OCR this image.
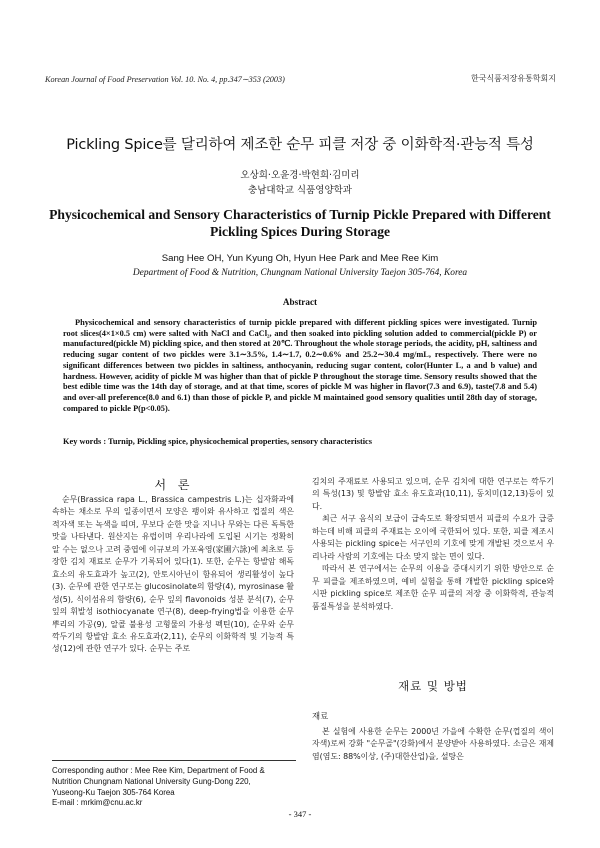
Korean Journal of Food Preservation Vol. 10. No. 4, pp.347∼353 (2003)	한국식품저장유통학회지
Pickling Spice를 달리하여 제조한 순무 피클 저장 중 이화학적·관능적 특성
오상희·오윤경·박현희·김미리
충남대학교 식품영양학과
Physicochemical and Sensory Characteristics of Turnip Pickle Prepared with Different Pickling Spices During Storage
Sang Hee OH, Yun Kyung Oh, Hyun Hee Park and Mee Ree Kim
Department of Food & Nutrition, Chungnam National University Taejon 305-764, Korea
Abstract
Physicochemical and sensory characteristics of turnip pickle prepared with different pickling spices were investigated. Turnip root slices(4×1×0.5 cm) were salted with NaCl and CaCl₂, and then soaked into pickling solution added to commercial(pickle P) or manufactured(pickle M) pickling spice, and then stored at 20℃. Throughout the whole storage periods, the acidity, pH, saltiness and reducing sugar content of two pickles were 3.1∼3.5%, 1.4∼1.7, 0.2∼0.6% and 25.2∼30.4 mg/mL, respectively. There were no significant differences between two pickles in saltiness, anthocyanin, reducing sugar content, color(Hunter L, a and b value) and hardness. However, acidity of pickle M was higher than that of pickle P throughout the storage time. Sensory results showed that the best edible time was the 14th day of storage, and at that time, scores of pickle M was higher in flavor(7.3 and 6.9), taste(7.8 and 5.4) and over-all preference(8.0 and 6.1) than those of pickle P, and pickle M maintained good sensory qualities until 28th day of storage, compared to pickle P(p<0.05).
Key words : Turnip, Pickling spice, physicochemical properties, sensory characteristics
서 론

순무(Brassica rapa L., Brassica campestris L.)는 십자화과에 속하는 채소로 무의 일종이면서 모양은 팽이와 유사하고 껍질의 색은 적자색 또는 녹색을 띠며, 무보다 순한 맛을 지니나 무와는 다른 독특한 맛을 나타낸다. 원산지는 유럽이며 우리나라에 도입된 시기는 정확히 알 수는 없으나 고려 중엽에 이규보의 가포육영(家圃六詠)에 최초로 등장한 김치 재료로 순무가 기록되어 있다(1). 또한, 순무는 항발암 해독효소의 유도효과가 높고(2), 안토시아닌이 함유되어 생리활성이 높다(3). 순무에 관한 연구로는 glucosinolate의 함량(4), myrosinase 활성(5), 식이섬유의 함량(6), 순무 잎의 flavonoids 성분 분석(7), 순무잎의 휘발성 isothiocyanate 연구(8), deep-frying법을 이용한 순무 뿌리의 가공(9), 알콜 불용성 고형물의 가용성 펙틴(10), 순무와 순무깍두기의 항발암 효소 유도효과(2,11), 순무의 이화학적 및 기능적 특성(12)에 관한 연구가 있다. 순무는 주로

김치의 주재료로 사용되고 있으며, 순무 김치에 대한 연구로는 깍두기의 특성(13) 및 항발암 효소 유도효과(10,11), 동치미(12,13)등이 있다.

최근 서구 음식의 보급이 급속도로 확장되면서 피클의 수요가 급증하는데 비해 피클의 주재료는 오이에 국한되어 있다. 또한, 피클 제조시 사용되는 pickling spice는 서구인의 기호에 맞게 개발된 것으로서 우리나라 사람의 기호에는 다소 맞지 않는 면이 있다.

따라서 본 연구에서는 순무의 이용을 증대시키기 위한 방안으로 순무 피클을 제조하였으며, 예비 실험을 통해 개발한 pickling spice와 시판 pickling spice로 제조한 순무 피클의 저장 중 이화학적, 관능적 품질특성을 분석하였다.

재료 및 방법
재료

본 실험에 사용한 순무는 2000년 가을에 수확한 순무(껍질의 색이 자색)로써 강화 "순무골"(강화)에서 분양받아 사용하였다. 소금은 재제염(염도: 88%이상, (주)대한산업)을, 설탕은

Corresponding author : Mee Ree Kim, Department of Food &
Nutrition Chungnam National University Gung-Dong 220,
Yuseong-Ku Taejon 305-764 Korea
E-mail : mrkim@cnu.ac.kr
- 347 -
